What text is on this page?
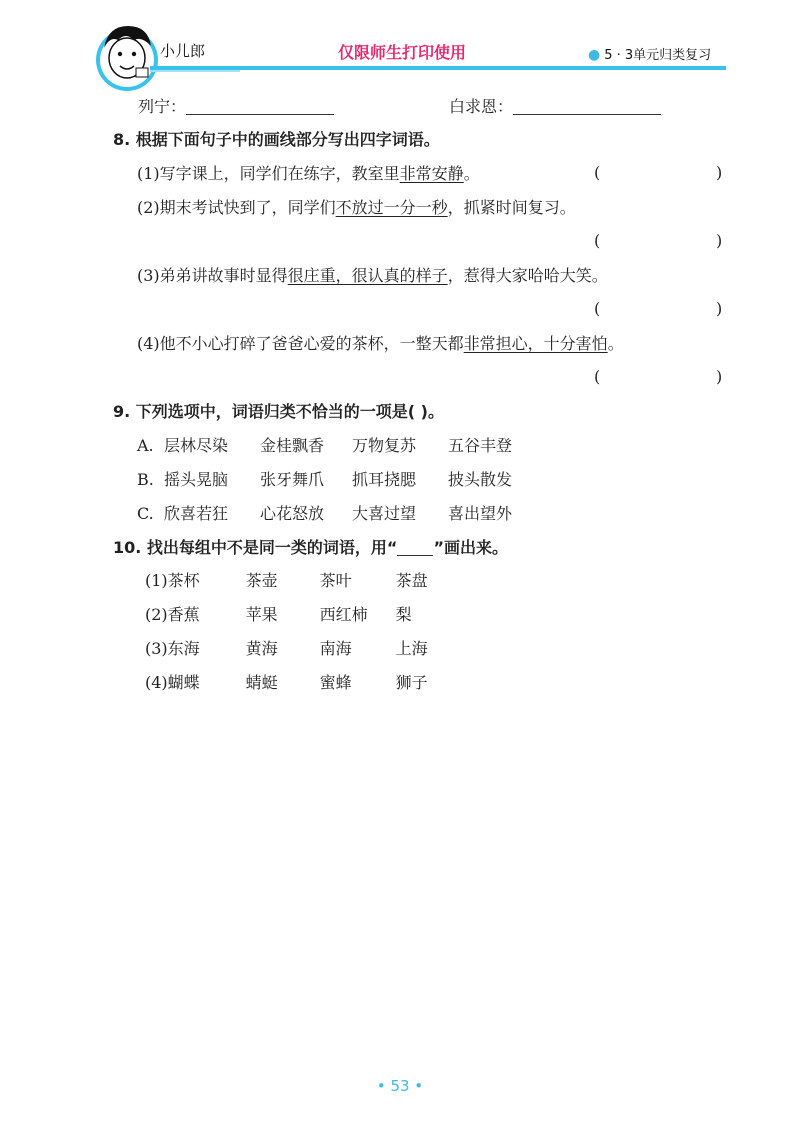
小儿郎	仅限师生打印使用	● 5 · 3单元归类复习
列宁：	白求恩：
8. 根据下面句子中的画线部分写出四字词语。
(1)写字课上，同学们在练字，教室里非常安静。	(	)
(2)期末考试快到了，同学们不放过一分一秒，抓紧时间复习。
(	)
(3)弟弟讲故事时显得很庄重，很认真的样子，惹得大家哈哈大笑。
(	)
(4)他不小心打碎了爸爸心爱的茶杯，一整天都非常担心，十分害怕。
(	)
9. 下列选项中，词语归类不恰当的一项是( )。
A. 层林尽染 金桂飘香 万物复苏 五谷丰登
B. 摇头晃脑 张牙舞爪 抓耳挠腮 披头散发
C. 欣喜若狂 心花怒放 大喜过望 喜出望外
10. 找出每组中不是同一类的词语，用“ ”画出来。
(1)茶杯	茶壶	茶叶	茶盘
(2)香蕉	苹果	西红柿 梨
(3)东海	黄海	南海	上海
(4)蝴蝶	蜻蜓	蜜蜂	狮子
• 53 •
